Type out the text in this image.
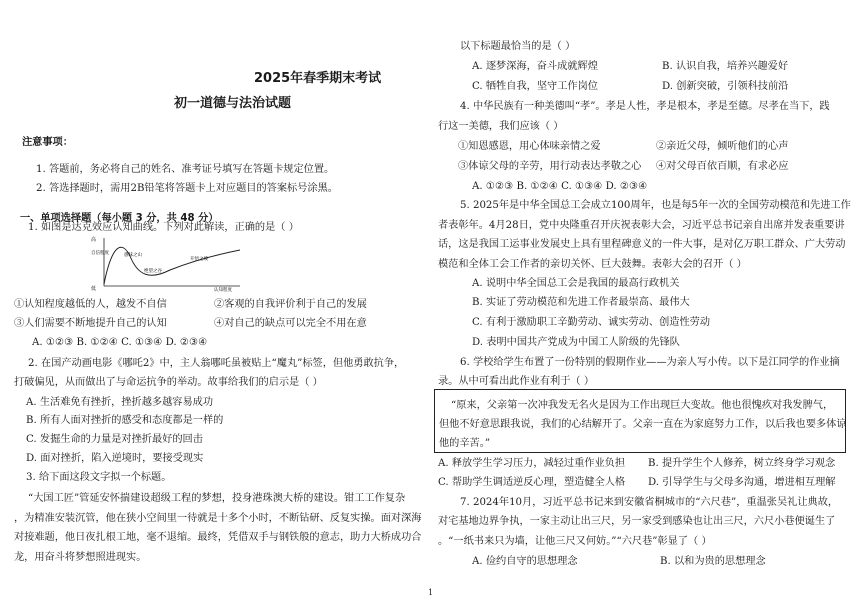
2025年春季期末考试
初一道德与法治试题
注意事项：
1. 答题前，务必将自己的姓名、准考证号填写在答题卡规定位置。
2. 答选择题时，需用2B铅笔将答题卡上对应题目的答案标号涂黑。
一、单项选择题（每小题 3 分，共 48 分）
1. 如图是达克效应认知曲线。下列对此解读，正确的是（ ）
高
自信程度
低
愚昧之山
绝望之谷
开悟之坡
认知程度
①认知程度越低的人，越发不自信	②客观的自我评价利于自己的发展
③人们需要不断地提升自己的认知	④对自己的缺点可以完全不用在意
A. ①②③ B. ①②④ C. ①③④ D. ②③④
2. 在国产动画电影《哪吒2》中，主人翁哪吒虽被贴上“魔丸”标签，但他勇敢抗争，
打破偏见，从而做出了与命运抗争的举动。故事给我们的启示是（ ）
A. 生活难免有挫折，挫折越多越容易成功
B. 所有人面对挫折的感受和态度都是一样的
C. 发掘生命的力量是对挫折最好的回击
D. 面对挫折，陷入逆境时，要接受现实
3. 给下面这段文字拟一个标题。
“大国工匠”管延安怀揣建设超级工程的梦想，投身港珠澳大桥的建设。钳工工作复杂
，为精准安装沉管，他在狭小空间里一待就是十多个小时，不断钻研、反复实操。面对深海
对接难题，他日夜扎根工地，毫不退缩。最终，凭借双手与钢铁般的意志，助力大桥成功合
龙，用奋斗将梦想照进现实。
以下标题最恰当的是（ ）
A. 逐梦深海，奋斗成就辉煌	B. 认识自我，培养兴趣爱好
C. 牺牲自我，坚守工作岗位	D. 创新突破，引领科技前沿
4. 中华民族有一种美德叫“孝”。孝是人性，孝是根本，孝是至德。尽孝在当下，践
行这一美德，我们应该（ ）
①知恩感恩，用心体味亲情之爱	②亲近父母，倾听他们的心声
③体谅父母的辛劳，用行动表达孝敬之心 ④对父母百依百顺，有求必应
A. ①②③ B. ①②④ C. ①③④ D. ②③④
5. 2025年是中华全国总工会成立100周年，也是每5年一次的全国劳动模范和先进工作
者表彰年。4月28日，党中央隆重召开庆祝表彰大会，习近平总书记亲自出席并发表重要讲
话，这是我国工运事业发展史上具有里程碑意义的一件大事，是对亿万职工群众、广大劳动
模范和全体工会工作者的亲切关怀、巨大鼓舞。表彰大会的召开（ ）
A. 说明中华全国总工会是我国的最高行政机关
B. 实证了劳动模范和先进工作者最崇高、最伟大
C. 有利于激励职工辛勤劳动、诚实劳动、创造性劳动
D. 表明中国共产党成为中国工人阶级的先锋队
6. 学校给学生布置了一份特别的假期作业——为亲人写小传。以下是江同学的作业摘
录。从中可看出此作业有利于（ ）
“原来，父亲第一次冲我发无名火是因为工作出现巨大变故。他也很愧疚对我发脾气，
但他不好意思跟我说，我们的心结解开了。父亲一直在为家庭努力工作，以后我也要多体谅
他的辛苦。”
A. 释放学生学习压力，减轻过重作业负担 B. 提升学生个人修养，树立终身学习观念
C. 帮助学生调适逆反心理，塑造健全人格 D. 引导学生与父母多沟通，增进相互理解
7. 2024年10月，习近平总书记来到安徽省桐城市的“六尺巷”，重温张吴礼让典故，
对宅基地边界争执，一家主动让出三尺，另一家受到感染也让出三尺，六尺小巷便诞生了
。“一纸书来只为墙，让他三尺又何妨。”“六尺巷”彰显了（ ）
A. 俭约自守的思想理念	B. 以和为贵的思想理念
1
